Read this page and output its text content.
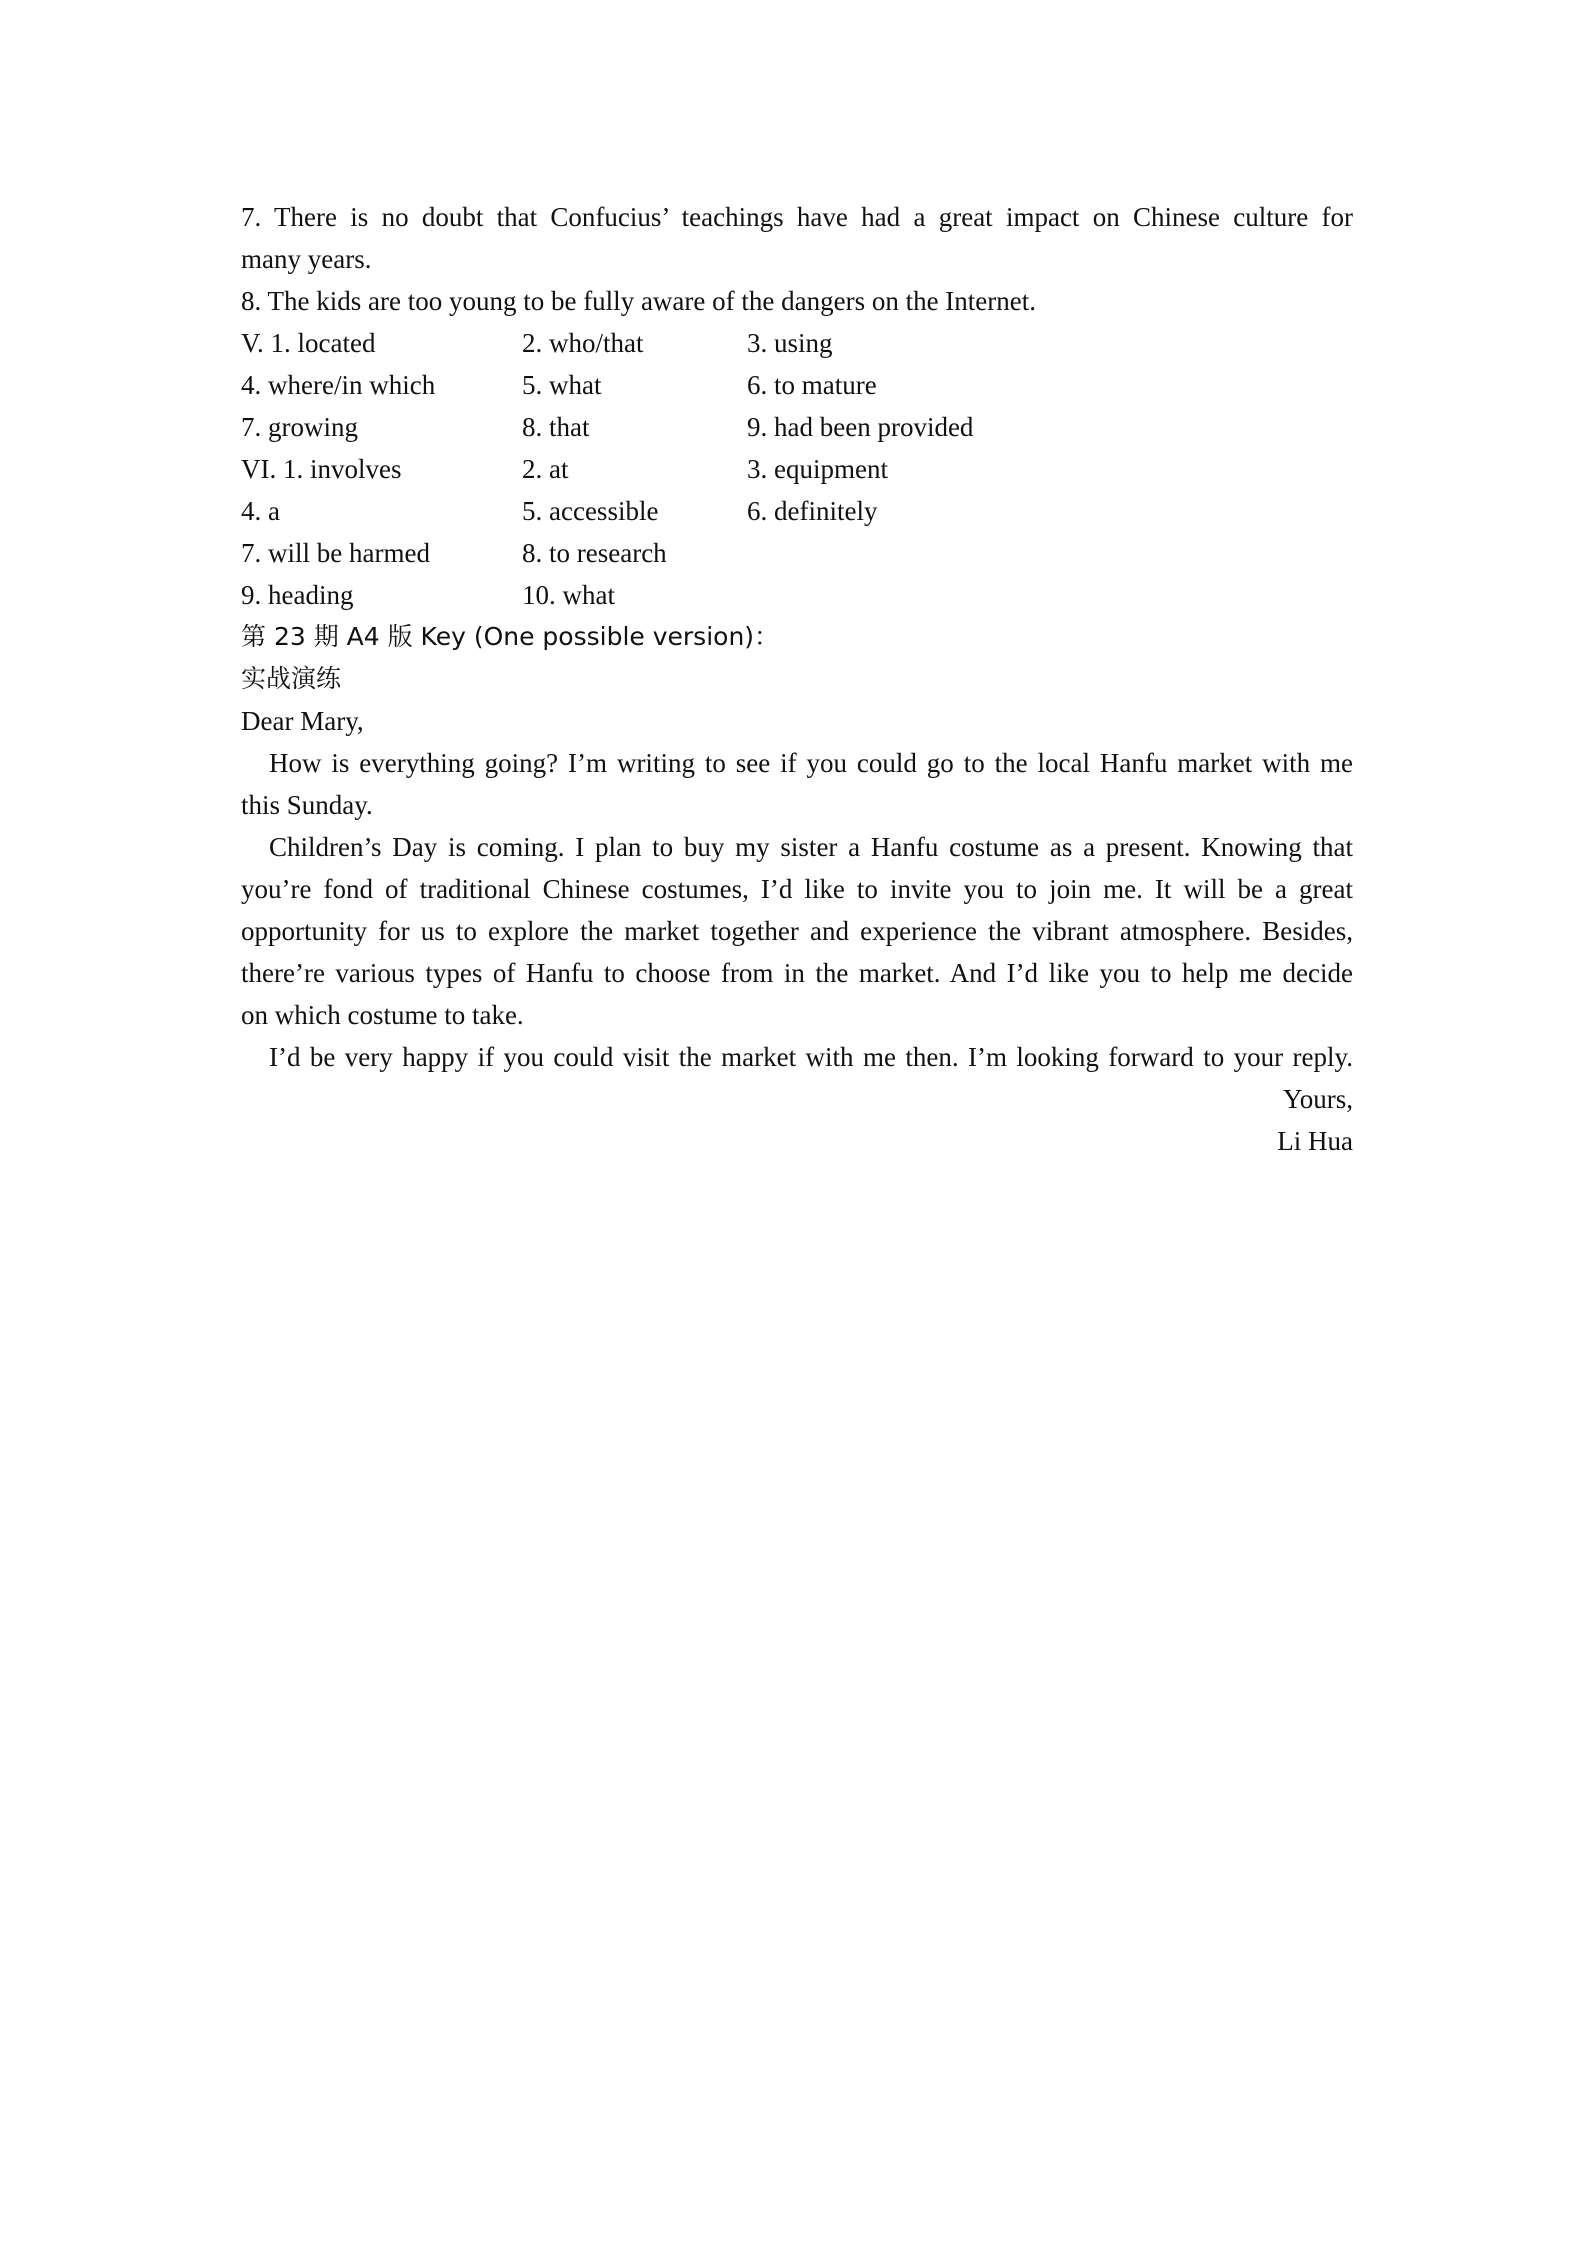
7. There is no doubt that Confucius’ teachings have had a great impact on Chinese culture for
many years.
8. The kids are too young to be fully aware of the dangers on the Internet.
V. 1. located	2. who/that	3. using
4. where/in which	5. what	6. to mature
7. growing	8. that	9. had been provided
VI. 1. involves	2. at	3. equipment
4. a	5. accessible	6. definitely
7. will be harmed	8. to research
9. heading	10. what
第 23 期 A4 版 Key (One possible version)：
实战演练
Dear Mary,
How is everything going? I’m writing to see if you could go to the local Hanfu market with me
this Sunday.
Children’s Day is coming. I plan to buy my sister a Hanfu costume as a present. Knowing that
you’re fond of traditional Chinese costumes, I’d like to invite you to join me. It will be a great
opportunity for us to explore the market together and experience the vibrant atmosphere. Besides,
there’re various types of Hanfu to choose from in the market. And I’d like you to help me decide
on which costume to take.
I’d be very happy if you could visit the market with me then. I’m looking forward to your reply.
Yours,
Li Hua
